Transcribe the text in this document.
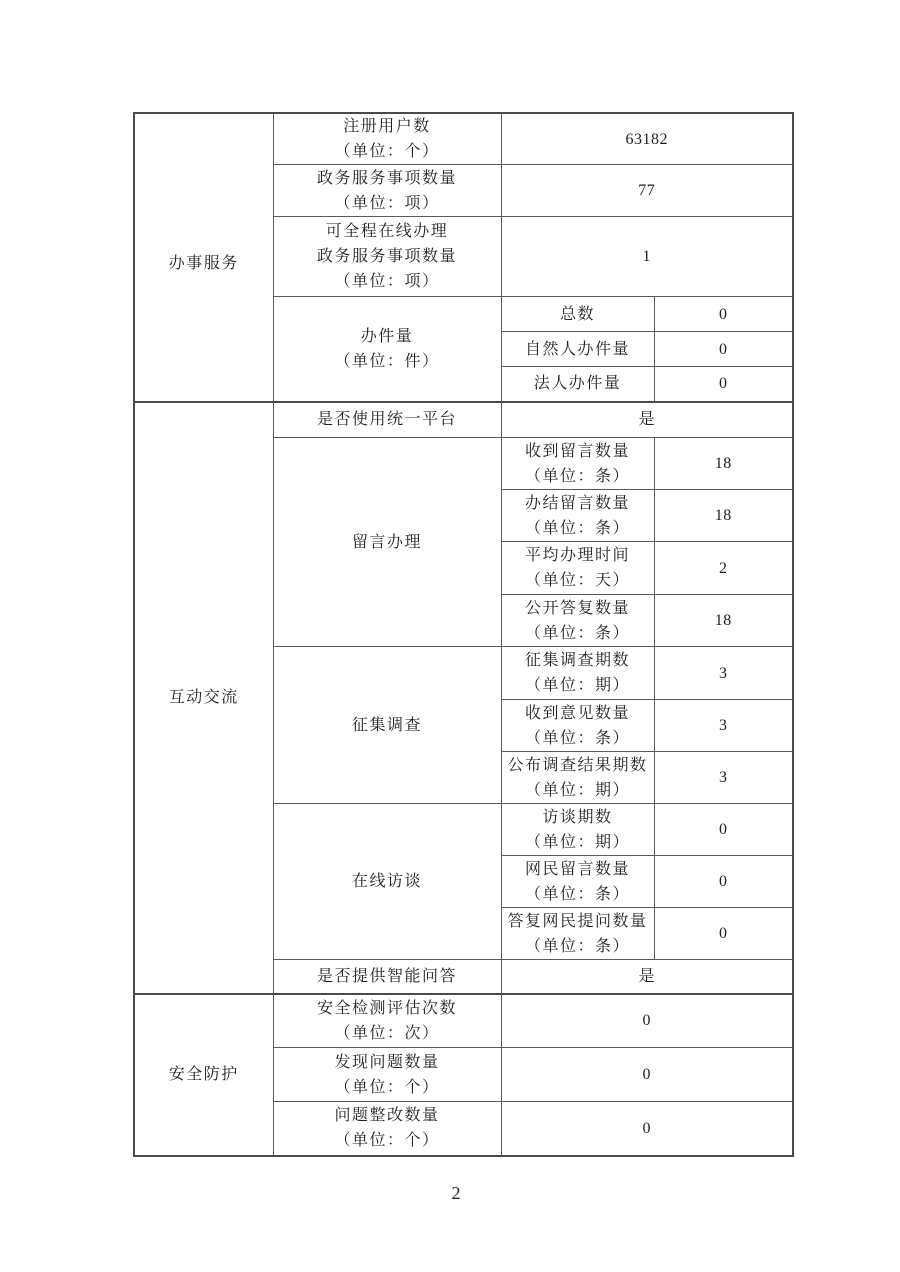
办事服务	注册用户数
（单位：个）	63182	

	政务服务事项数量
（单位：项）	77	

	可全程在线办理
政务服务事项数量
（单位：项）	1	

	办件量
（单位：件）	总数	0

		自然人办件量	0

		法人办件量	0

互动交流	是否使用统一平台	是	

	留言办理	收到留言数量
（单位：条）	18

		办结留言数量
（单位：条）	18

		平均办理时间
（单位：天）	2

		公开答复数量
（单位：条）	18

	征集调查	征集调查期数
（单位：期）	3

		收到意见数量
（单位：条）	3

		公布调查结果期数
（单位：期）	3

	在线访谈	访谈期数
（单位：期）	0

		网民留言数量
（单位：条）	0

		答复网民提问数量
（单位：条）	0

	是否提供智能问答	是	

安全防护	安全检测评估次数
（单位：次）	0	

	发现问题数量
（单位：个）	0	

	问题整改数量
（单位：个）	0	
2
